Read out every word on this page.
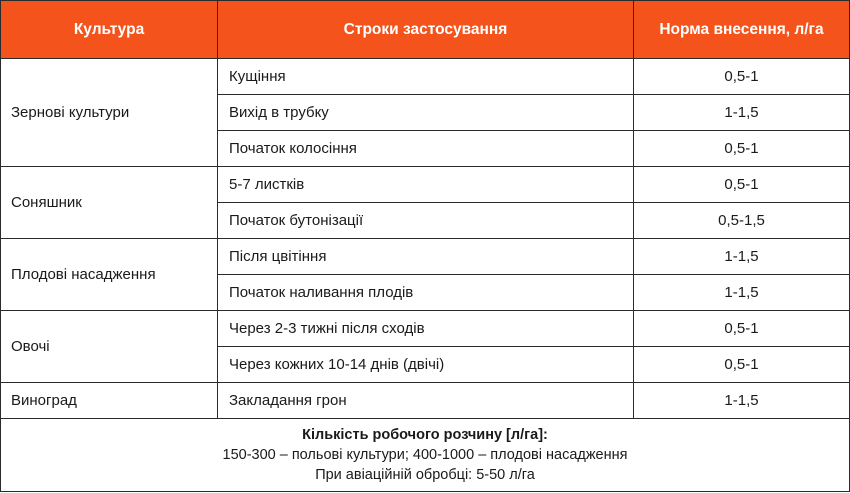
Культура	Строки застосування	Норма внесення, л/га
Зернові культури	Кущіння	0,5-1
	Вихід в трубку	1-1,5
	Початок колосіння	0,5-1
Соняшник	5-7 листків	0,5-1
	Початок бутонізації	0,5-1,5
Плодові насадження	Після цвітіння	1-1,5
	Початок наливання плодів	1-1,5
Овочі	Через 2-3 тижні після сходів	0,5-1
	Через кожних 10-14 днів (двічі)	0,5-1
Виноград	Закладання грон	1-1,5

Кількість робочого розчину [л/га]:
150-300 – польові культури; 400-1000 – плодові насадження
При авіаційній обробці: 5-50 л/га		
